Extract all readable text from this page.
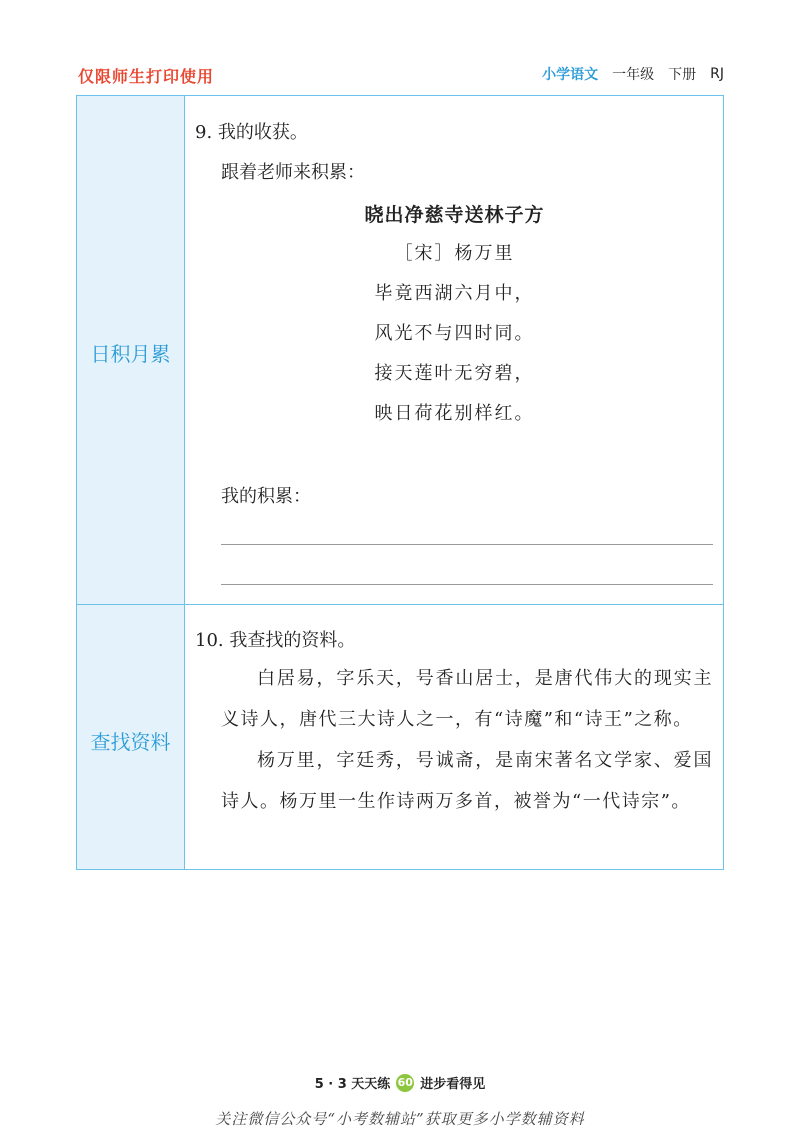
仅限师生打印使用	小学语文 一年级 下册 RJ
日积月累
查找资料
9. 我的收获。
跟着老师来积累：
晓出净慈寺送林子方
［宋］杨万里
毕竟西湖六月中，
风光不与四时同。
接天莲叶无穷碧，
映日荷花别样红。
我的积累：
10. 我查找的资料。

白居易，字乐天，号香山居士，是唐代伟大的现实主义诗人，唐代三大诗人之一，有“诗魔”和“诗王”之称。

杨万里，字廷秀，号诚斋，是南宋著名文学家、爱国诗人。杨万里一生作诗两万多首，被誉为“一代诗宗”。

5 · 3 天天练 60 进步看得见
关注微信公众号“小考数辅站”获取更多小学数辅资料
